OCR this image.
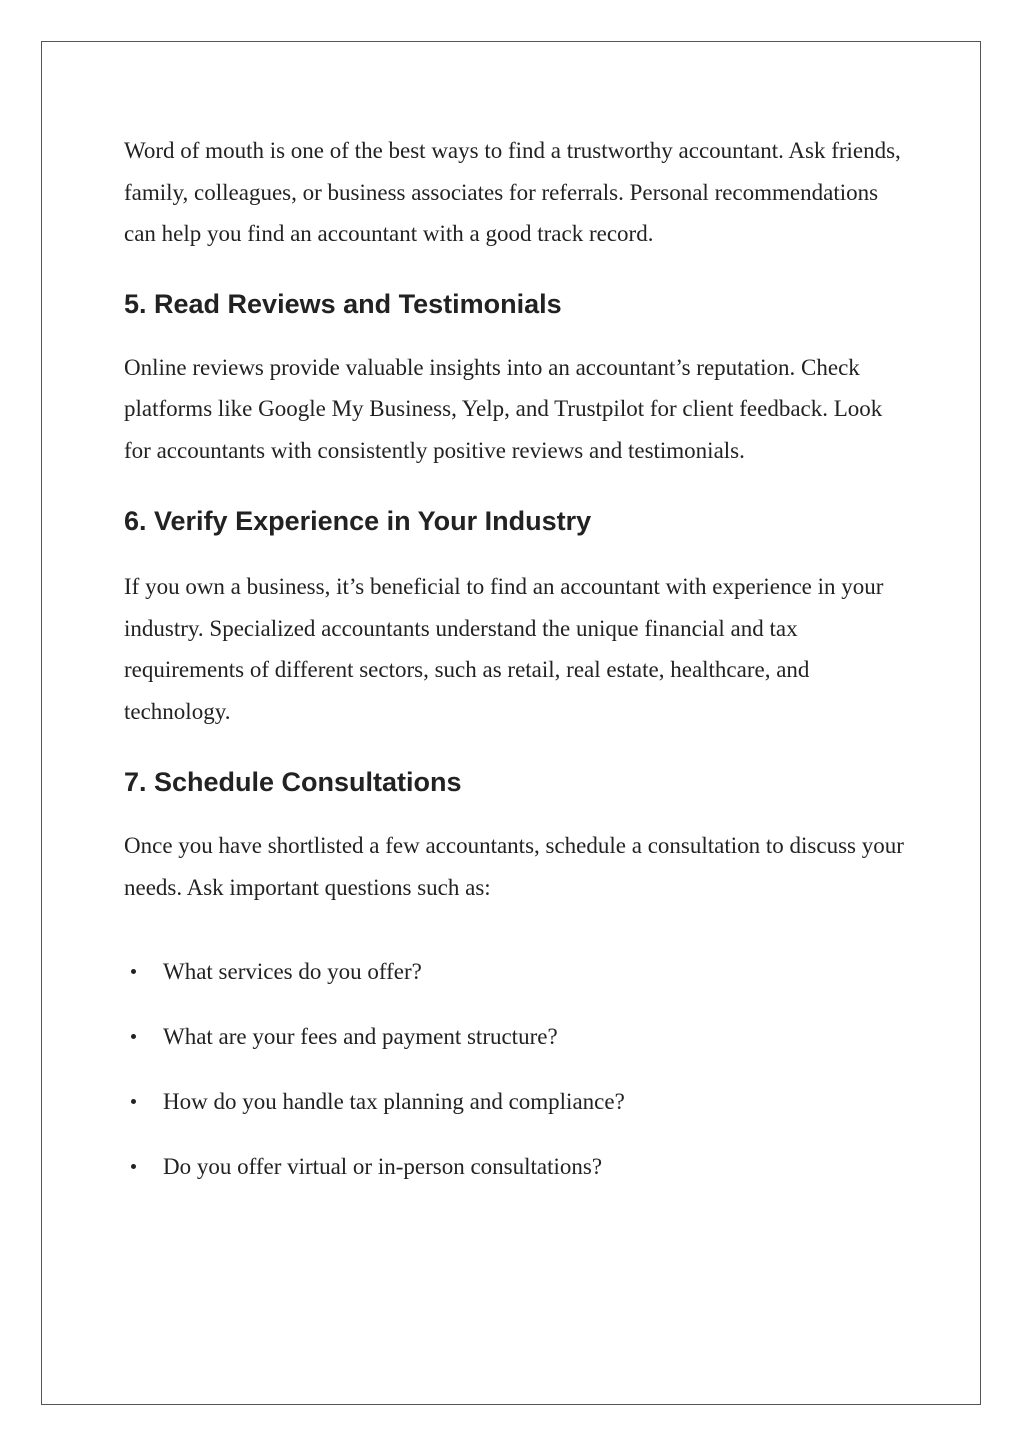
Word of mouth is one of the best ways to find a trustworthy accountant. Ask friends, family, colleagues, or business associates for referrals. Personal recommendations can help you find an accountant with a good track record.

5. Read Reviews and Testimonials

Online reviews provide valuable insights into an accountant’s reputation. Check platforms like Google My Business, Yelp, and Trustpilot for client feedback. Look for accountants with consistently positive reviews and testimonials.

6. Verify Experience in Your Industry

If you own a business, it’s beneficial to find an accountant with experience in your industry. Specialized accountants understand the unique financial and tax requirements of different sectors, such as retail, real estate, healthcare, and technology.

7. Schedule Consultations

Once you have shortlisted a few accountants, schedule a consultation to discuss your needs. Ask important questions such as:

What services do you offer?
What are your fees and payment structure?
How do you handle tax planning and compliance?
Do you offer virtual or in-person consultations?
